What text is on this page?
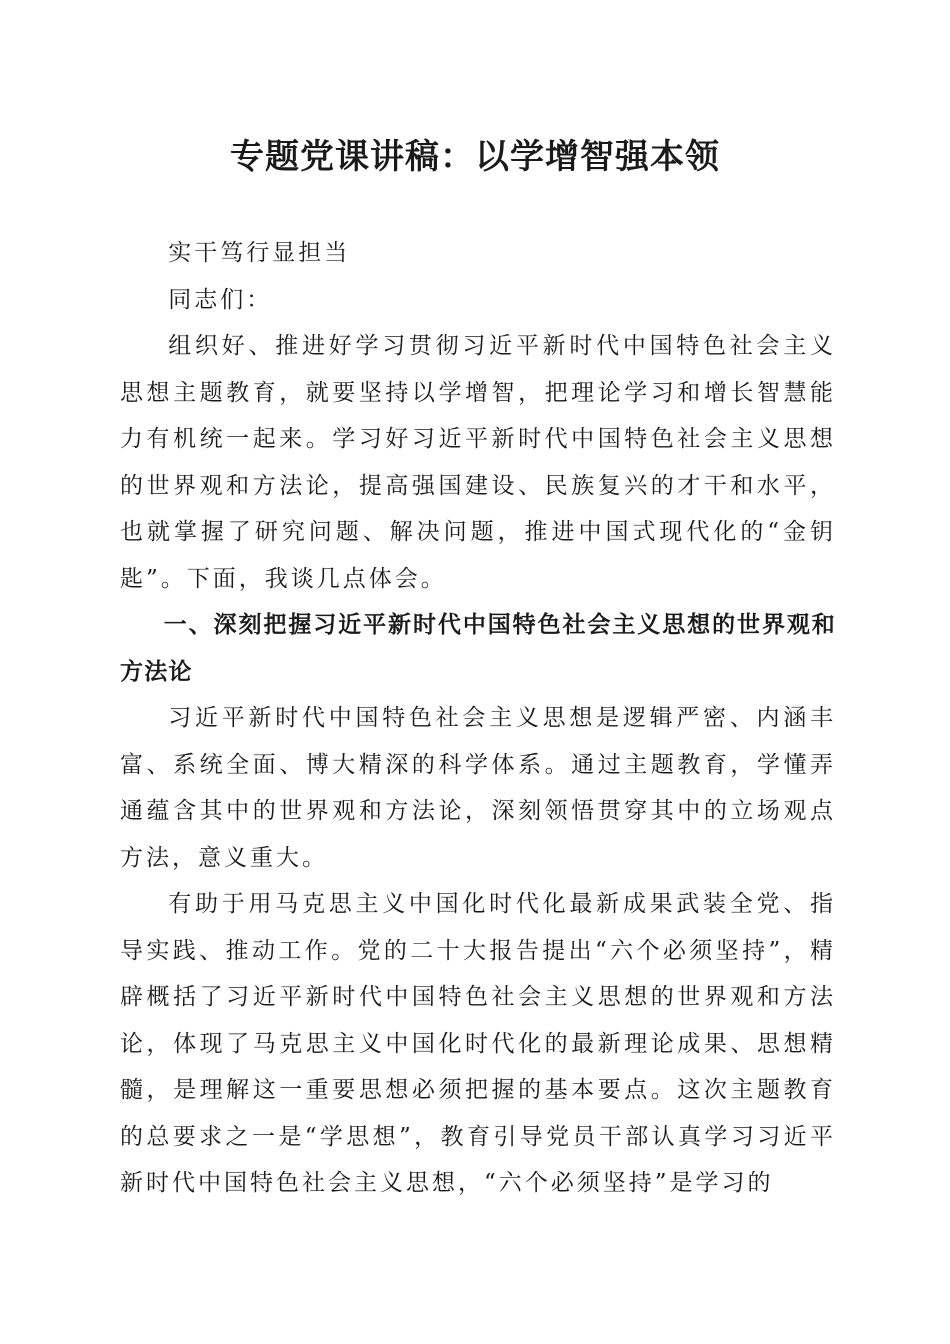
专题党课讲稿：以学增智强本领

实干笃行显担当

同志们：

组织好、推进好学习贯彻习近平新时代中国特色社会主义思想主题教育，就要坚持以学增智，把理论学习和增长智慧能力有机统一起来。学习好习近平新时代中国特色社会主义思想的世界观和方法论，提高强国建设、民族复兴的才干和水平，也就掌握了研究问题、解决问题，推进中国式现代化的“金钥匙”。下面，我谈几点体会。

一、深刻把握习近平新时代中国特色社会主义思想的世界观和方法论

习近平新时代中国特色社会主义思想是逻辑严密、内涵丰富、系统全面、博大精深的科学体系。通过主题教育，学懂弄通蕴含其中的世界观和方法论，深刻领悟贯穿其中的立场观点方法，意义重大。

有助于用马克思主义中国化时代化最新成果武装全党、指导实践、推动工作。党的二十大报告提出“六个必须坚持”，精辟概括了习近平新时代中国特色社会主义思想的世界观和方法论，体现了马克思主义中国化时代化的最新理论成果、思想精髓，是理解这一重要思想必须把握的基本要点。这次主题教育的总要求之一是“学思想”，教育引导党员干部认真学习习近平新时代中国特色社会主义思想，“六个必须坚持”是学习的
